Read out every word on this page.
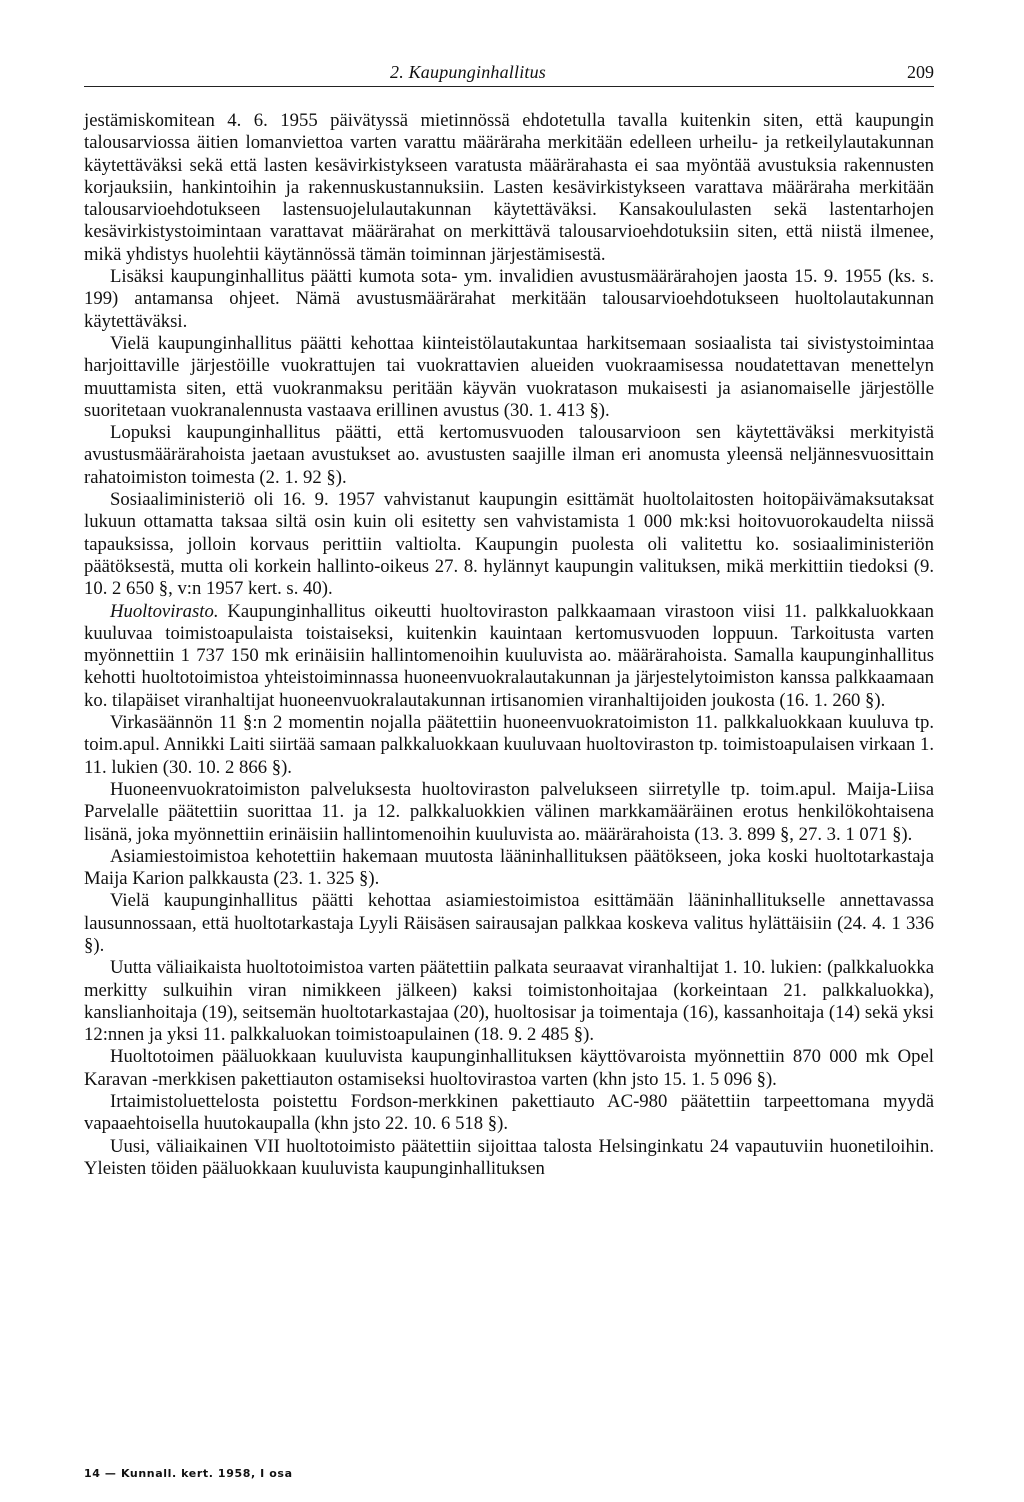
2. Kaupunginhallitus	209

jestämiskomitean 4. 6. 1955 päivätyssä mietinnössä ehdotetulla tavalla kuitenkin siten, että kaupungin talousarviossa äitien lomanviettoa varten varattu määräraha merkitään edelleen urheilu- ja retkeilylautakunnan käytettäväksi sekä että lasten kesävirkistykseen varatusta määrärahasta ei saa myöntää avustuksia rakennusten korjauksiin, hankintoihin ja rakennuskustannuksiin. Lasten kesävirkistykseen varattava määräraha merkitään talousarvioehdotukseen lastensuojelulautakunnan käytettäväksi. Kansakoululasten sekä lastentarhojen kesävirkistystoimintaan varattavat määrärahat on merkittävä talousarvioehdotuksiin siten, että niistä ilmenee, mikä yhdistys huolehtii käytännössä tämän toiminnan järjestämisestä.

Lisäksi kaupunginhallitus päätti kumota sota- ym. invalidien avustusmäärärahojen jaosta 15. 9. 1955 (ks. s. 199) antamansa ohjeet. Nämä avustusmäärärahat merkitään talousarvioehdotukseen huoltolautakunnan käytettäväksi.

Vielä kaupunginhallitus päätti kehottaa kiinteistölautakuntaa harkitsemaan sosiaalista tai sivistystoimintaa harjoittaville järjestöille vuokrattujen tai vuokrattavien alueiden vuokraamisessa noudatettavan menettelyn muuttamista siten, että vuokranmaksu peritään käyvän vuokratason mukaisesti ja asianomaiselle järjestölle suoritetaan vuokranalennusta vastaava erillinen avustus (30. 1. 413 §).

Lopuksi kaupunginhallitus päätti, että kertomusvuoden talousarvioon sen käytettäväksi merkityistä avustusmäärärahoista jaetaan avustukset ao. avustusten saajille ilman eri anomusta yleensä neljännesvuosittain rahatoimiston toimesta (2. 1. 92 §).

Sosiaaliministeriö oli 16. 9. 1957 vahvistanut kaupungin esittämät huoltolaitosten hoitopäivämaksutaksat lukuun ottamatta taksaa siltä osin kuin oli esitetty sen vahvistamista 1 000 mk:ksi hoitovuorokaudelta niissä tapauksissa, jolloin korvaus perittiin valtiolta. Kaupungin puolesta oli valitettu ko. sosiaaliministeriön päätöksestä, mutta oli korkein hallinto-oikeus 27. 8. hylännyt kaupungin valituksen, mikä merkittiin tiedoksi (9. 10. 2 650 §, v:n 1957 kert. s. 40).

Huoltovirasto. Kaupunginhallitus oikeutti huoltoviraston palkkaamaan virastoon viisi 11. palkkaluokkaan kuuluvaa toimistoapulaista toistaiseksi, kuitenkin kauintaan kertomusvuoden loppuun. Tarkoitusta varten myönnettiin 1 737 150 mk erinäisiin hallintomenoihin kuuluvista ao. määrärahoista. Samalla kaupunginhallitus kehotti huoltotoimistoa yhteistoiminnassa huoneenvuokralautakunnan ja järjestelytoimiston kanssa palkkaamaan ko. tilapäiset viranhaltijat huoneenvuokralautakunnan irtisanomien viranhaltijoiden joukosta (16. 1. 260 §).

Virkasäännön 11 §:n 2 momentin nojalla päätettiin huoneenvuokratoimiston 11. palkkaluokkaan kuuluva tp. toim.apul. Annikki Laiti siirtää samaan palkkaluokkaan kuuluvaan huoltoviraston tp. toimistoapulaisen virkaan 1. 11. lukien (30. 10. 2 866 §).

Huoneenvuokratoimiston palveluksesta huoltoviraston palvelukseen siirretylle tp. toim.apul. Maija-Liisa Parvelalle päätettiin suorittaa 11. ja 12. palkkaluokkien välinen markkamääräinen erotus henkilökohtaisena lisänä, joka myönnettiin erinäisiin hallintomenoihin kuuluvista ao. määrärahoista (13. 3. 899 §, 27. 3. 1 071 §).

Asiamiestoimistoa kehotettiin hakemaan muutosta lääninhallituksen päätökseen, joka koski huoltotarkastaja Maija Karion palkkausta (23. 1. 325 §).

Vielä kaupunginhallitus päätti kehottaa asiamiestoimistoa esittämään lääninhallitukselle annettavassa lausunnossaan, että huoltotarkastaja Lyyli Räisäsen sairausajan palkkaa koskeva valitus hylättäisiin (24. 4. 1 336 §).

Uutta väliaikaista huoltotoimistoa varten päätettiin palkata seuraavat viranhaltijat 1. 10. lukien: (palkkaluokka merkitty sulkuihin viran nimikkeen jälkeen) kaksi toimistonhoitajaa (korkeintaan 21. palkkaluokka), kanslianhoitaja (19), seitsemän huoltotarkastajaa (20), huoltosisar ja toimentaja (16), kassanhoitaja (14) sekä yksi 12:nnen ja yksi 11. palkkaluokan toimistoapulainen (18. 9. 2 485 §).

Huoltotoimen pääluokkaan kuuluvista kaupunginhallituksen käyttövaroista myönnettiin 870 000 mk Opel Karavan -merkkisen pakettiauton ostamiseksi huoltovirastoa varten (khn jsto 15. 1. 5 096 §).

Irtaimistoluettelosta poistettu Fordson-merkkinen pakettiauto AC-980 päätettiin tarpeettomana myydä vapaaehtoisella huutokaupalla (khn jsto 22. 10. 6 518 §).

Uusi, väliaikainen VII huoltotoimisto päätettiin sijoittaa talosta Helsinginkatu 24 vapautuviin huonetiloihin. Yleisten töiden pääluokkaan kuuluvista kaupunginhallituksen

14 — Kunnall. kert. 1958, I osa
